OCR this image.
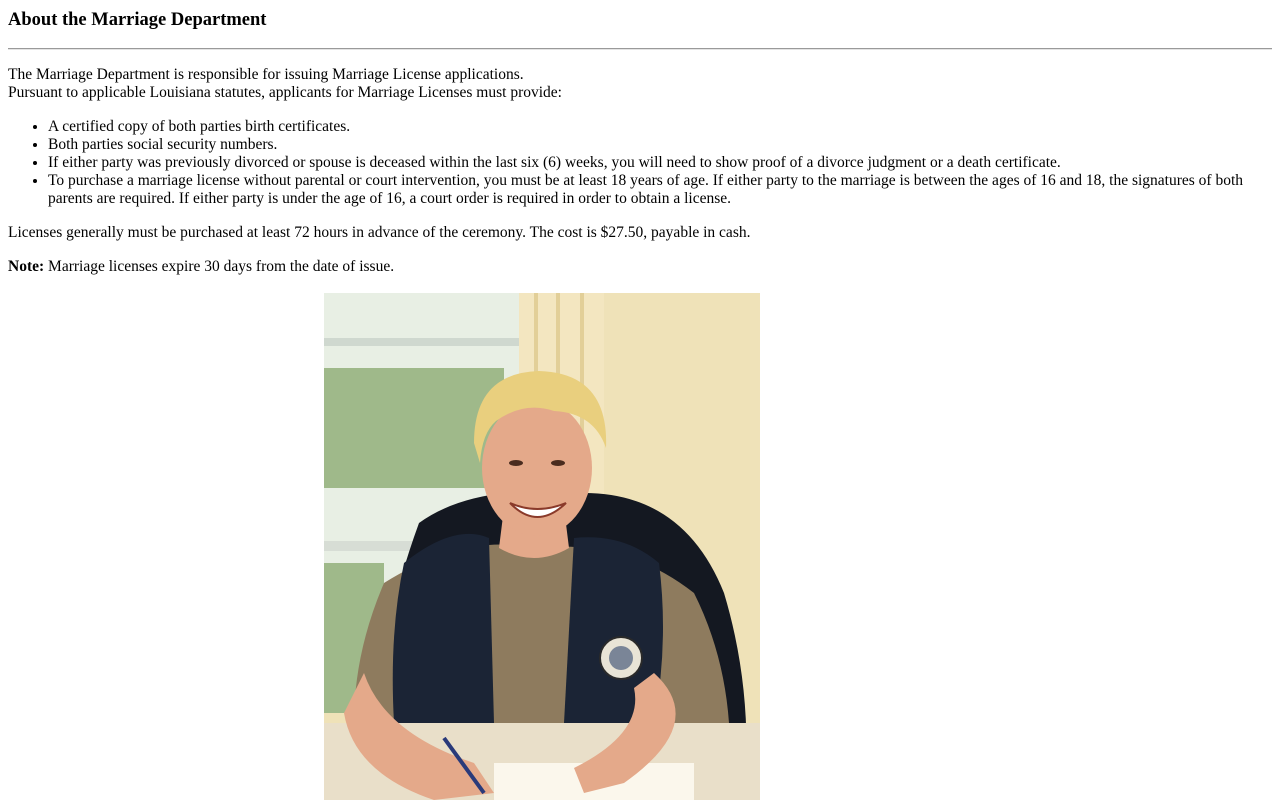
About the Marriage Department

The Marriage Department is responsible for issuing Marriage License applications.
Pursuant to applicable Louisiana statutes, applicants for Marriage Licenses must provide:

• A certified copy of both parties birth certificates.
• Both parties social security numbers.
• If either party was previously divorced or spouse is deceased within the last six (6) weeks, you will need to show proof of a divorce judgment or a death certificate.
• To purchase a marriage license without parental or court intervention, you must be at least 18 years of age. If either party to the marriage is between the ages of 16 and 18, the signatures of both parents are required. If either party is under the age of 16, a court order is required in order to obtain a license.

Licenses generally must be purchased at least 72 hours in advance of the ceremony. The cost is $27.50, payable in cash.

Note: Marriage licenses expire 30 days from the date of issue.
